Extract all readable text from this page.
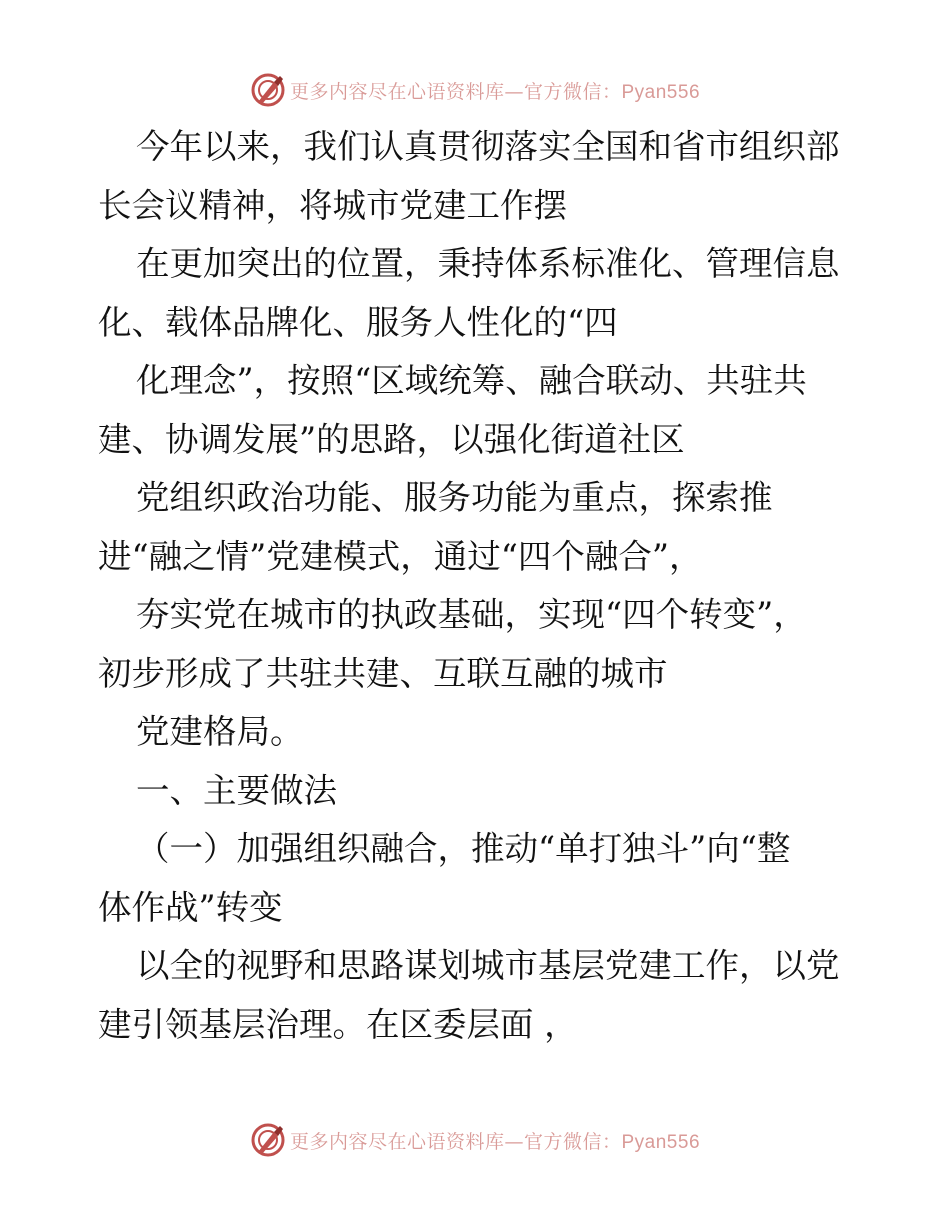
更多内容尽在心语资料库—官方微信：Pyan556
今年以来，我们认真贯彻落实全国和省市组织部
长会议精神，将城市党建工作摆
在更加突出的位置，秉持体系标准化、管理信息
化、载体品牌化、服务人性化的“四
化理念”，按照“区域统筹、融合联动、共驻共
建、协调发展”的思路，以强化街道社区
党组织政治功能、服务功能为重点，探索推
进“融之情”党建模式，通过“四个融合”，
夯实党在城市的执政基础，实现“四个转变”，
初步形成了共驻共建、互联互融的城市
党建格局。
一、主要做法
（一）加强组织融合，推动“单打独斗”向“整
体作战”转变
以全的视野和思路谋划城市基层党建工作，以党
建引领基层治理。在区委层面 ，
更多内容尽在心语资料库—官方微信：Pyan556
